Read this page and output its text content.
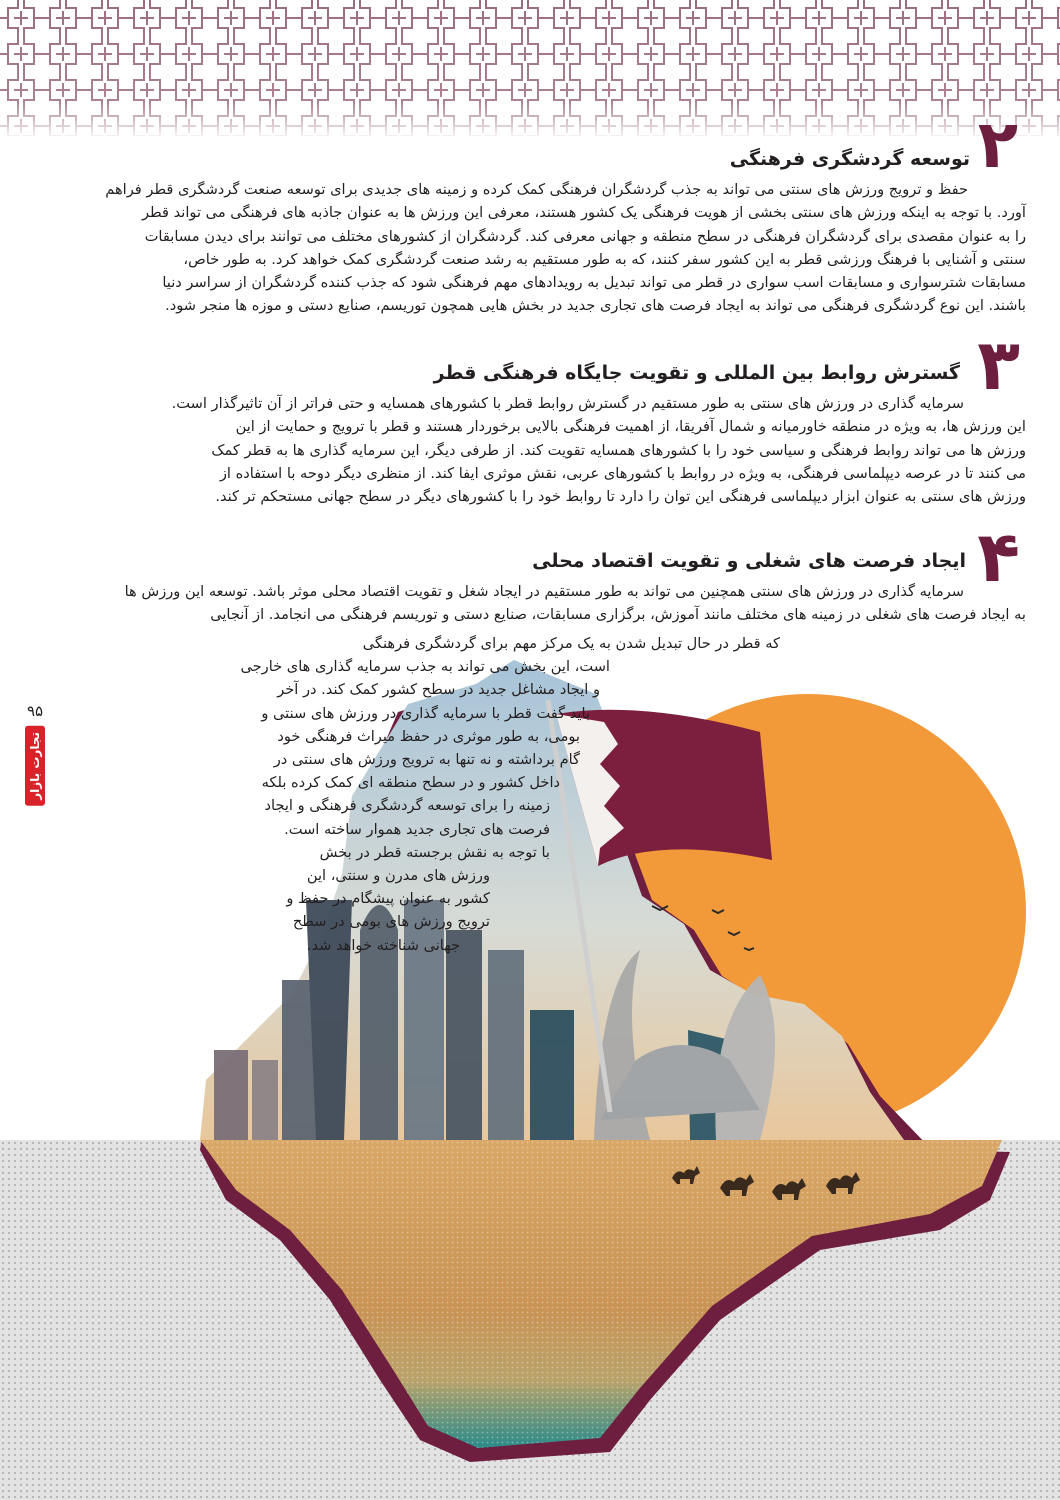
۲
توسعه گردشگری فرهنگی

حفظ و ترویج ورزش های سنتی می تواند به جذب گردشگران فرهنگی کمک کرده و زمینه های جدیدی برای توسعه صنعت گردشگری قطر فراهم

آورد. با توجه به اینکه ورزش های سنتی بخشی از هویت فرهنگی یک کشور هستند، معرفی این ورزش ها به عنوان جاذبه های فرهنگی می تواند قطر

را به عنوان مقصدی برای گردشگران فرهنگی در سطح منطقه و جهانی معرفی کند. گردشگران از کشورهای مختلف می توانند برای دیدن مسابقات

سنتی و آشنایی با فرهنگ ورزشی قطر به این کشور سفر کنند، که به طور مستقیم به رشد صنعت گردشگری کمک خواهد کرد. به طور خاص،

مسابقات شترسواری و مسابقات اسب سواری در قطر می تواند تبدیل به رویدادهای مهم فرهنگی شود که جذب کننده گردشگران از سراسر دنیا

باشند. این نوع گردشگری فرهنگی می تواند به ایجاد فرصت های تجاری جدید در بخش هایی همچون توریسم، صنایع دستی و موزه ها منجر شود.

۳
گسترش روابط بین المللی و تقویت جایگاه فرهنگی قطر

سرمایه گذاری در ورزش های سنتی به طور مستقیم در گسترش روابط قطر با کشورهای همسایه و حتی فراتر از آن تاثیرگذار است.

این ورزش ها، به ویژه در منطقه خاورمیانه و شمال آفریقا، از اهمیت فرهنگی بالایی برخوردار هستند و قطر با ترویج و حمایت از این

ورزش ها می تواند روابط فرهنگی و سیاسی خود را با کشورهای همسایه تقویت کند. از طرفی دیگر، این سرمایه گذاری ها به قطر کمک

می کنند تا در عرصه دیپلماسی فرهنگی، به ویژه در روابط با کشورهای عربی، نقش موثری ایفا کند. از منظری دیگر دوحه با استفاده از

ورزش های سنتی به عنوان ابزار دیپلماسی فرهنگی این توان را دارد تا روابط خود را با کشورهای دیگر در سطح جهانی مستحکم تر کند.

۴
ایجاد فرصت های شغلی و تقویت اقتصاد محلی

سرمایه گذاری در ورزش های سنتی همچنین می تواند به طور مستقیم در ایجاد شغل و تقویت اقتصاد محلی موثر باشد. توسعه این ورزش ها

به ایجاد فرصت های شغلی در زمینه های مختلف مانند آموزش، برگزاری مسابقات، صنایع دستی و توریسم فرهنگی می انجامد. از آنجایی

که قطر در حال تبدیل شدن به یک مرکز مهم برای گردشگری فرهنگی
است، این بخش می تواند به جذب سرمایه گذاری های خارجی
و ایجاد مشاغل جدید در سطح کشور کمک کند. در آخر
باید گفت قطر با سرمایه گذاری در ورزش های سنتی و
بومی، به طور موثری در حفظ میراث فرهنگی خود
گام برداشته و نه تنها به ترویج ورزش های سنتی در
داخل کشور و در سطح منطقه ای کمک کرده بلکه
زمینه را برای توسعه گردشگری فرهنگی و ایجاد
فرصت های تجاری جدید هموار ساخته است.
با توجه به نقش برجسته قطر در بخش
ورزش های مدرن و سنتی، این
کشور به عنوان پیشگام در حفظ و
ترویج ورزش های بومی در سطح
جهانی شناخته خواهد شد.
۹۵
تجارت بازار
